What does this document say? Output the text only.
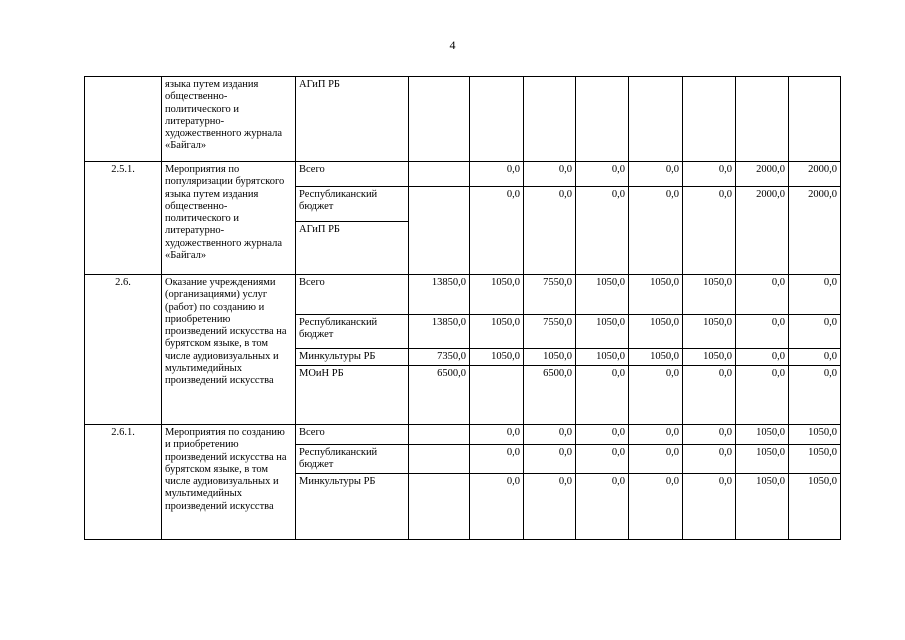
4
	языка путем издания общественно-политического и литературно-художественного журнала «Байгал»	АГиП РБ								
2.5.1.	Мероприятия по популяризации бурятского языка путем издания общественно-политического и литературно-художественного журнала «Байгал»	Всего		0,0	0,0	0,0	0,0	0,0	2000,0	2000,0
		Республиканский бюджет		0,0	0,0	0,0	0,0	0,0	2000,0	2000,0
		АГиП РБ								
2.6.	Оказание учреждениями (организациями) услуг (работ) по созданию и приобретению произведений искусства на бурятском языке, в том числе аудиовизуальных и мультимедийных произведений искусства	Всего	13850,0	1050,0	7550,0	1050,0	1050,0	1050,0	0,0	0,0
		Республиканский бюджет	13850,0	1050,0	7550,0	1050,0	1050,0	1050,0	0,0	0,0
		Минкультуры РБ	7350,0	1050,0	1050,0	1050,0	1050,0	1050,0	0,0	0,0
		МОиН РБ	6500,0		6500,0	0,0	0,0	0,0	0,0	0,0
2.6.1.	Мероприятия по созданию и приобретению произведений искусства на бурятском языке, в том числе аудиовизуальных и мультимедийных произведений искусства	Всего		0,0	0,0	0,0	0,0	0,0	1050,0	1050,0
		Республиканский бюджет		0,0	0,0	0,0	0,0	0,0	1050,0	1050,0
		Минкультуры РБ		0,0	0,0	0,0	0,0	0,0	1050,0	1050,0
